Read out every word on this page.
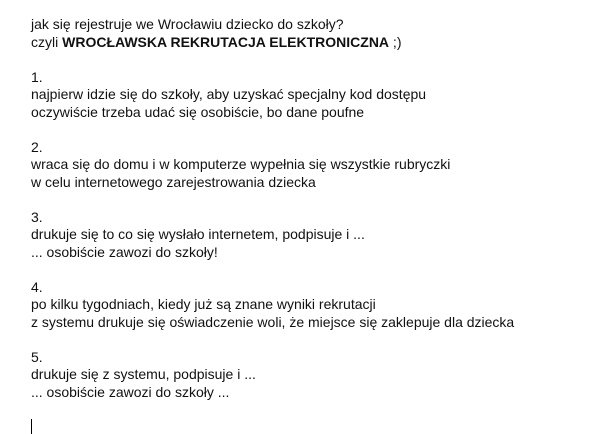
jak się rejestruje we Wrocławiu dziecko do szkoły?
czyli WROCŁAWSKA REKRUTACJA ELEKTRONICZNA ;)
1.
najpierw idzie się do szkoły, aby uzyskać specjalny kod dostępu
oczywiście trzeba udać się osobiście, bo dane poufne
2.
wraca się do domu i w komputerze wypełnia się wszystkie rubryczki
w celu internetowego zarejestrowania dziecka
3.
drukuje się to co się wysłało internetem, podpisuje i ...
... osobiście zawozi do szkoły!
4.
po kilku tygodniach, kiedy już są znane wyniki rekrutacji
z systemu drukuje się oświadczenie woli, że miejsce się zaklepuje dla dziecka
5.
drukuje się z systemu, podpisuje i ...
... osobiście zawozi do szkoły ...
